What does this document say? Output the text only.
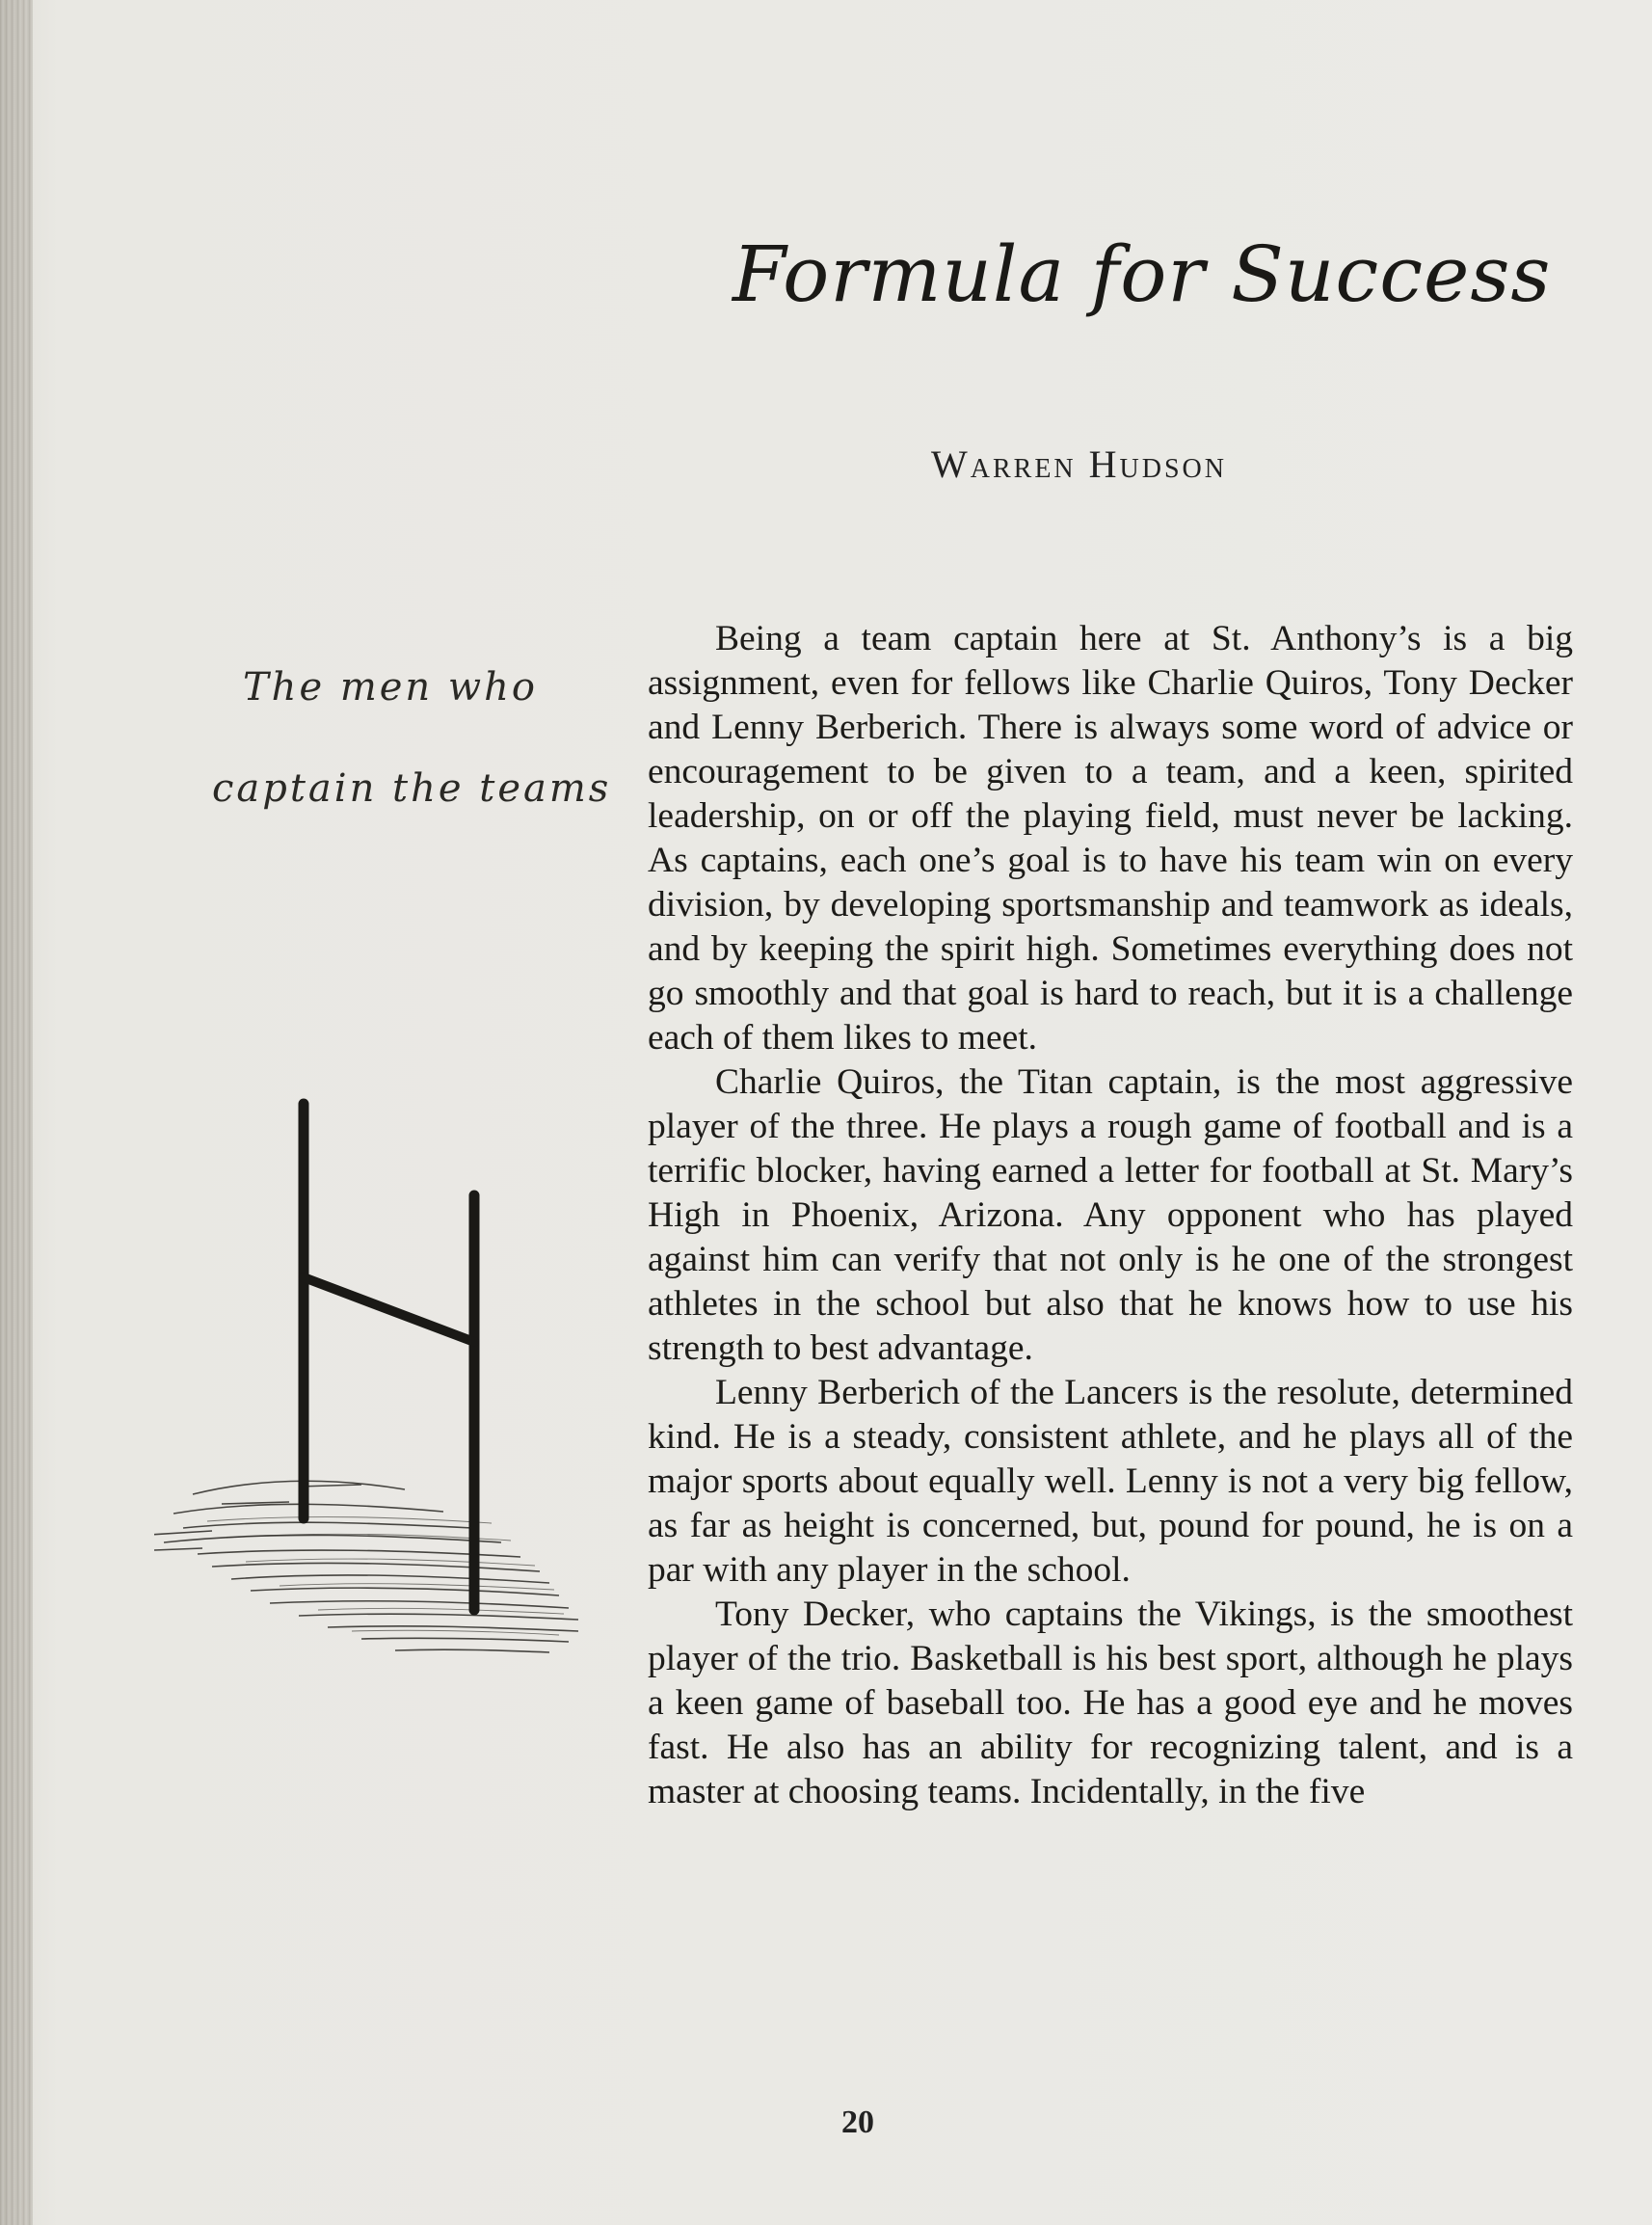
Formula for Success
Warren Hudson
The men who
captain the teams

Being a team captain here at St. Anthony’s is a big assignment, even for fellows like Charlie Quiros, Tony Decker and Lenny Berberich. There is always some word of advice or encouragement to be given to a team, and a keen, spirited leadership, on or off the playing field, must never be lacking. As captains, each one’s goal is to have his team win on every division, by developing sportsmanship and teamwork as ideals, and by keeping the spirit high. Sometimes everything does not go smoothly and that goal is hard to reach, but it is a challenge each of them likes to meet.

Charlie Quiros, the Titan captain, is the most aggressive player of the three. He plays a rough game of football and is a terrific blocker, having earned a letter for football at St. Mary’s High in Phoenix, Arizona. Any opponent who has played against him can verify that not only is he one of the strongest athletes in the school but also that he knows how to use his strength to best advantage.

Lenny Berberich of the Lancers is the resolute, determined kind. He is a steady, consistent athlete, and he plays all of the major sports about equally well. Lenny is not a very big fellow, as far as height is concerned, but, pound for pound, he is on a par with any player in the school.

Tony Decker, who captains the Vikings, is the smoothest player of the trio. Basketball is his best sport, although he plays a keen game of baseball too. He has a good eye and he moves fast. He also has an ability for recognizing talent, and is a master at choosing teams. Incidentally, in the five

20
